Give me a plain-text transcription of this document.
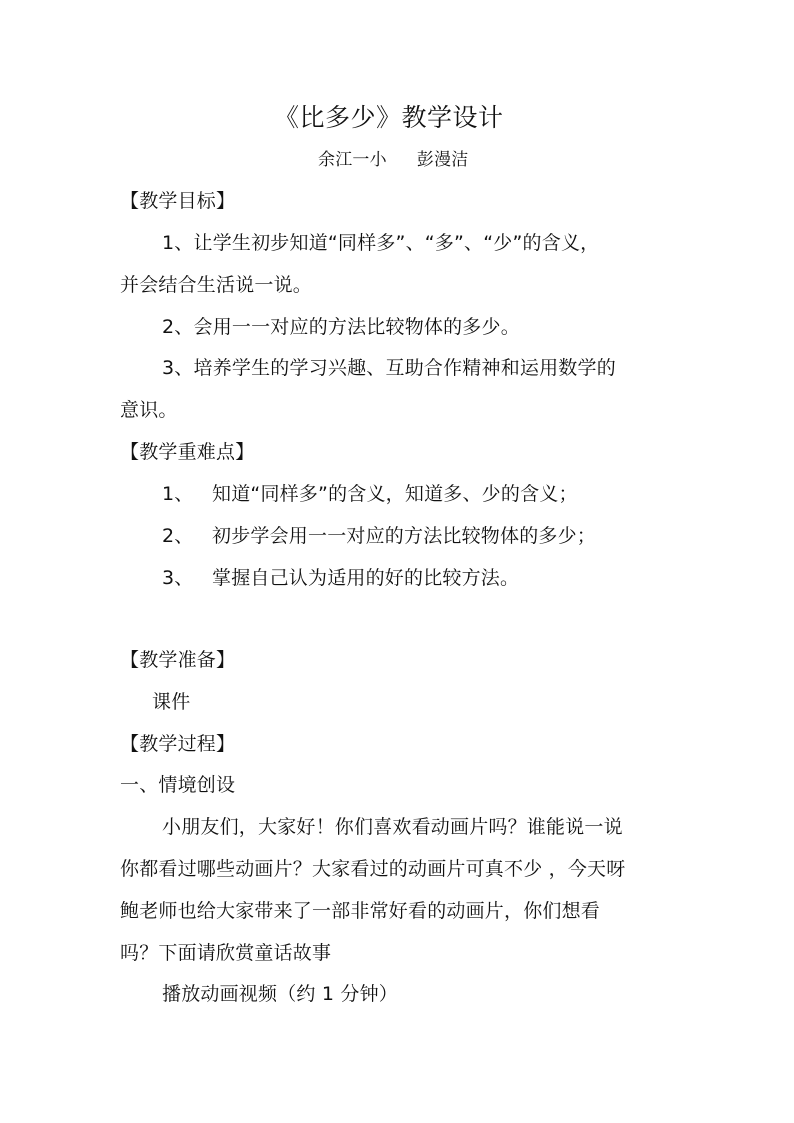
《比多少》教学设计
余江一小 彭漫洁
【教学目标】
1、让学生初步知道“同样多”、“多”、“少”的含义，
并会结合生活说一说。
2、会用一一对应的方法比较物体的多少。
3、培养学生的学习兴趣、互助合作精神和运用数学的
意识。
【教学重难点】
1、 知道“同样多”的含义，知道多、少的含义；
2、 初步学会用一一对应的方法比较物体的多少；
3、 掌握自己认为适用的好的比较方法。
【教学准备】
课件
【教学过程】
一、情境创设
小朋友们，大家好！你们喜欢看动画片吗？谁能说一说
你都看过哪些动画片？大家看过的动画片可真不少 ，今天呀
鲍老师也给大家带来了一部非常好看的动画片，你们想看
吗？下面请欣赏童话故事
播放动画视频（约 1 分钟）
